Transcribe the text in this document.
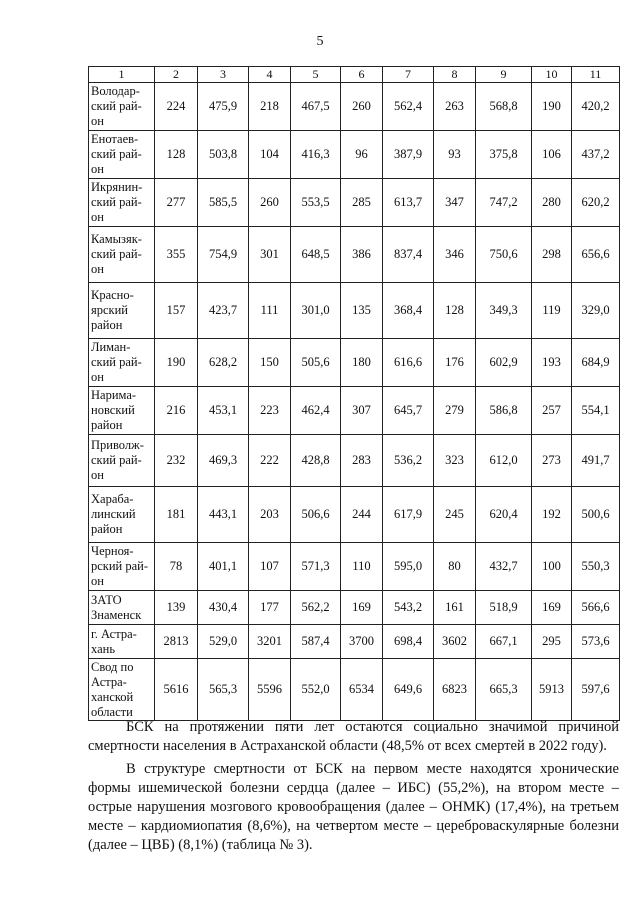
5
1	2	3	4	5	6	7	8	9	10	11
Володар-ский рай-он	224	475,9	218	467,5	260	562,4	263	568,8	190	420,2
Енотаев-ский рай-он	128	503,8	104	416,3	96	387,9	93	375,8	106	437,2
Икрянин-ский рай-он	277	585,5	260	553,5	285	613,7	347	747,2	280	620,2
Камызяк-ский рай-он	355	754,9	301	648,5	386	837,4	346	750,6	298	656,6
Красно-ярский район	157	423,7	111	301,0	135	368,4	128	349,3	119	329,0
Лиман-ский рай-он	190	628,2	150	505,6	180	616,6	176	602,9	193	684,9
Нарима-новский район	216	453,1	223	462,4	307	645,7	279	586,8	257	554,1
Приволж-ский рай-он	232	469,3	222	428,8	283	536,2	323	612,0	273	491,7
Харaба-линский район	181	443,1	203	506,6	244	617,9	245	620,4	192	500,6
Черноя-рский рай-он	78	401,1	107	571,3	110	595,0	80	432,7	100	550,3
ЗАТО Знаменск	139	430,4	177	562,2	169	543,2	161	518,9	169	566,6
г. Астра-хань	2813	529,0	3201	587,4	3700	698,4	3602	667,1	295	573,6
Свод по Астра-ханской области	5616	565,3	5596	552,0	6534	649,6	6823	665,3	5913	597,6

БСК на протяжении пяти лет остаются социально значимой причиной смертности населения в Астраханской области (48,5% от всех смертей в 2022 году).

В структуре смертности от БСК на первом месте находятся хронические формы ишемической болезни сердца (далее – ИБС) (55,2%), на втором месте – острые нарушения мозгового кровообращения (далее – ОНМК) (17,4%), на третьем месте – кардиомиопатия (8,6%), на четвертом месте – цереброваскулярные болезни (далее – ЦВБ) (8,1%) (таблица № 3).
